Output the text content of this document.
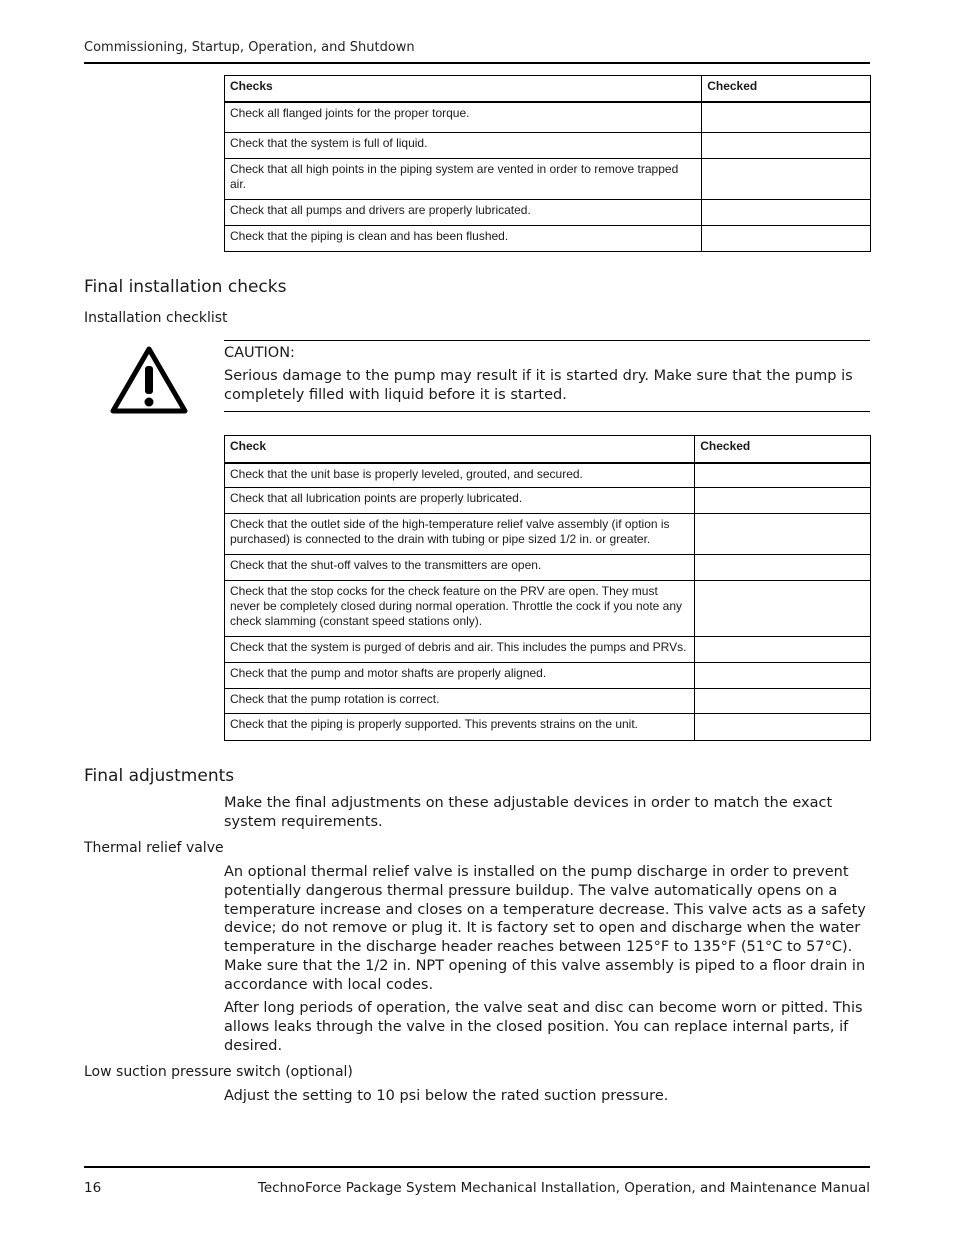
Commissioning, Startup, Operation, and Shutdown
Checks	Checked
Check all flanged joints for the proper torque.	
Check that the system is full of liquid.	
Check that all high points in the piping system are vented in order to remove trapped air.	
Check that all pumps and drivers are properly lubricated.	
Check that the piping is clean and has been flushed.	
Final installation checks
Installation checklist
CAUTION:
Serious damage to the pump may result if it is started dry. Make sure that the pump is completely filled with liquid before it is started.
Check	Checked
Check that the unit base is properly leveled, grouted, and secured.	
Check that all lubrication points are properly lubricated.	
Check that the outlet side of the high-temperature relief valve assembly (if option is purchased) is connected to the drain with tubing or pipe sized 1/2 in. or greater.	
Check that the shut-off valves to the transmitters are open.	
Check that the stop cocks for the check feature on the PRV are open. They must never be completely closed during normal operation. Throttle the cock if you note any check slamming (constant speed stations only).	
Check that the system is purged of debris and air. This includes the pumps and PRVs.	
Check that the pump and motor shafts are properly aligned.	
Check that the pump rotation is correct.	
Check that the piping is properly supported. This prevents strains on the unit.	
Final adjustments
Make the final adjustments on these adjustable devices in order to match the exact system requirements.
Thermal relief valve
An optional thermal relief valve is installed on the pump discharge in order to prevent potentially dangerous thermal pressure buildup. The valve automatically opens on a temperature increase and closes on a temperature decrease. This valve acts as a safety device; do not remove or plug it. It is factory set to open and discharge when the water temperature in the discharge header reaches between 125°F to 135°F (51°C to 57°C). Make sure that the 1/2 in. NPT opening of this valve assembly is piped to a floor drain in accordance with local codes.
After long periods of operation, the valve seat and disc can become worn or pitted. This allows leaks through the valve in the closed position. You can replace internal parts, if desired.
Low suction pressure switch (optional)
Adjust the setting to 10 psi below the rated suction pressure.
16	TechnoForce Package System Mechanical Installation, Operation, and Maintenance Manual
